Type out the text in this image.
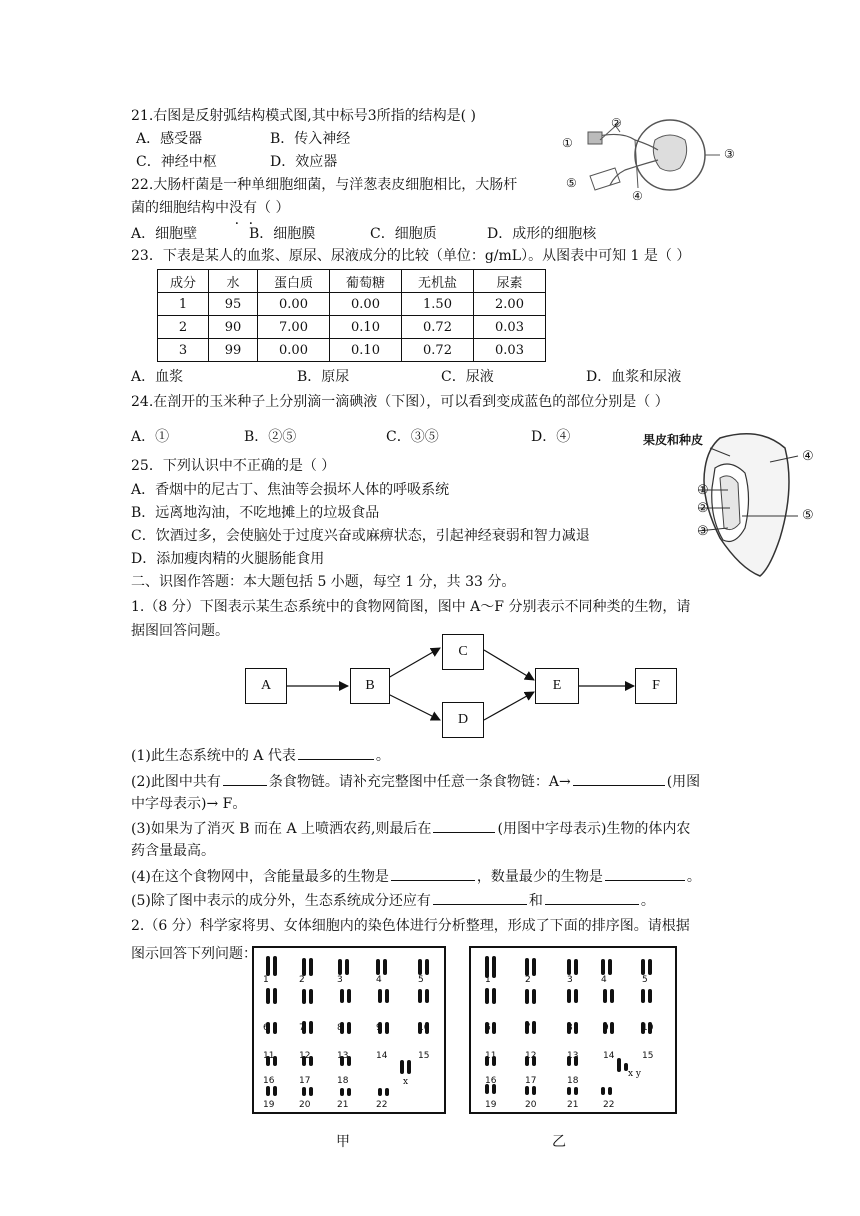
21.右图是反射弧结构模式图,其中标号3所指的结构是( )
A．感受器	B．传入神经
C．神经中枢	D．效应器
①
②
③
④
⑤
22.大肠杆菌是一种单细胞细菌，与洋葱表皮细胞相比，大肠杆
菌的细胞结构中没有（ ）
A．细胞壁	B．细胞膜	C．细胞质	D．成形的细胞核
23．下表是某人的血浆、原尿、尿液成分的比较（单位：g/mL）。从图表中可知 1 是（ ）
成分	水	蛋白质	葡萄糖	无机盐	尿素
1	95	0.00	0.00	1.50	2.00
2	90	7.00	0.10	0.72	0.03
3	99	0.00	0.10	0.72	0.03
A．血浆	B．原尿	C．尿液	D．血浆和尿液
24.在剖开的玉米种子上分别滴一滴碘液（下图），可以看到变成蓝色的部位分别是（ ）
A．①	B．②⑤	C．③⑤	D．④	果皮和种皮
④
①
②
③
⑤
25．下列认识中不正确的是（ ）
A．香烟中的尼古丁、焦油等会损坏人体的呼吸系统
B．远离地沟油，不吃地摊上的垃圾食品
C．饮酒过多，会使脑处于过度兴奋或麻痹状态，引起神经衰弱和智力减退
D．添加瘦肉精的火腿肠能食用
二、识图作答题：本大题包括 5 小题，每空 1 分，共 33 分。
1.（8 分）下图表示某生态系统中的食物网简图，图中 A～F 分别表示不同种类的生物，请
据图回答问题。
A	B
C
D
E	F
(1)此生态系统中的 A 代表	。
(2)此图中共有	条食物链。请补充完整图中任意一条食物链：A→	(用图
中字母表示)→ F。
(3)如果为了消灭 B 而在 A 上喷洒农药,则最后在	(用图中字母表示)生物的体内农
药含量最高。
(4)在这个食物网中，含能量最多的生物是	，数量最少的生物是	。
(5)除了图中表示的成分外，生态系统成分还应有	和	。
2.（6 分）科学家将男、女体细胞内的染色体进行分析整理，形成了下面的排序图。请根据
图示回答下列问题：
1	1
2	2
3	3
4	4
5	5
6	6
7	7
8	8
9	9
10	10
11	11
12	12
13	13
14	14
15	15
16	16
17	17
18	18
19	19
20	20
21	21
22	22
x
x y
甲	乙
